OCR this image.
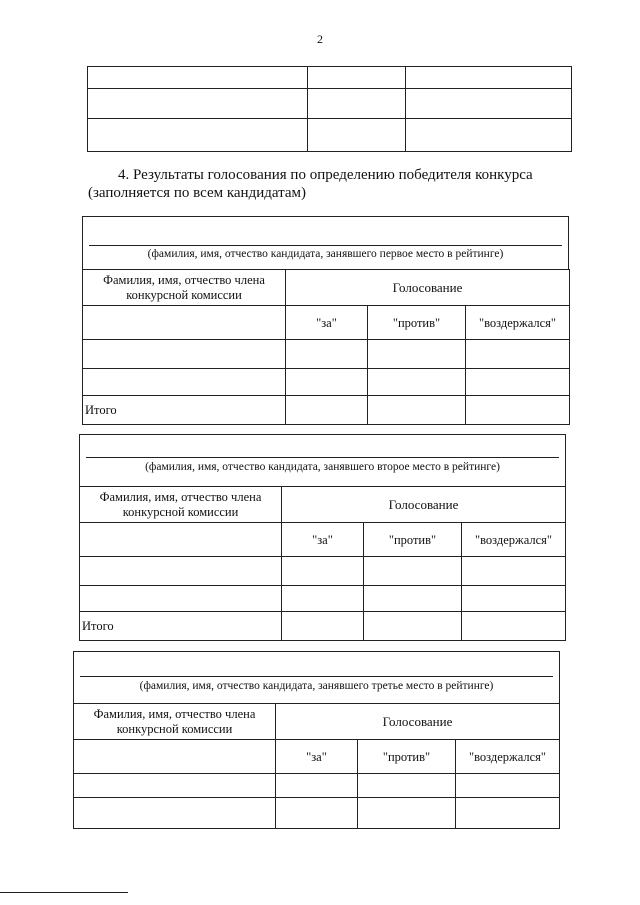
2

4. Результаты голосования по определению победителя конкурса
(заполняется по всем кандидатам)
(фамилия, имя, отчество кандидата, занявшего первое место в рейтинге)
Фамилия, имя, отчество члена конкурсной комиссии	Голосование		
	"за"	"против"	"воздержался"

Итого			
(фамилия, имя, отчество кандидата, занявшего второе место в рейтинге)
Фамилия, имя, отчество члена конкурсной комиссии	Голосование		
	"за"	"против"	"воздержался"

Итого			
(фамилия, имя, отчество кандидата, занявшего третье место в рейтинге)
Фамилия, имя, отчество члена конкурсной комиссии	Голосование		
	"за"	"против"	"воздержался"
